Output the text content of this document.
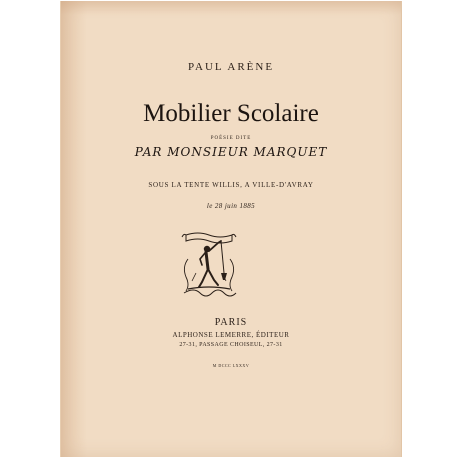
PAUL ARÈNE
Mobilier Scolaire
POÉSIE DITE
PAR MONSIEUR MARQUET
SOUS LA TENTE WILLIS, A VILLE-D'AVRAY
le 28 juin 1885
PARIS
ALPHONSE LEMERRE, ÉDITEUR
27-31, PASSAGE CHOISEUL, 27-31
M DCCC LXXXV
